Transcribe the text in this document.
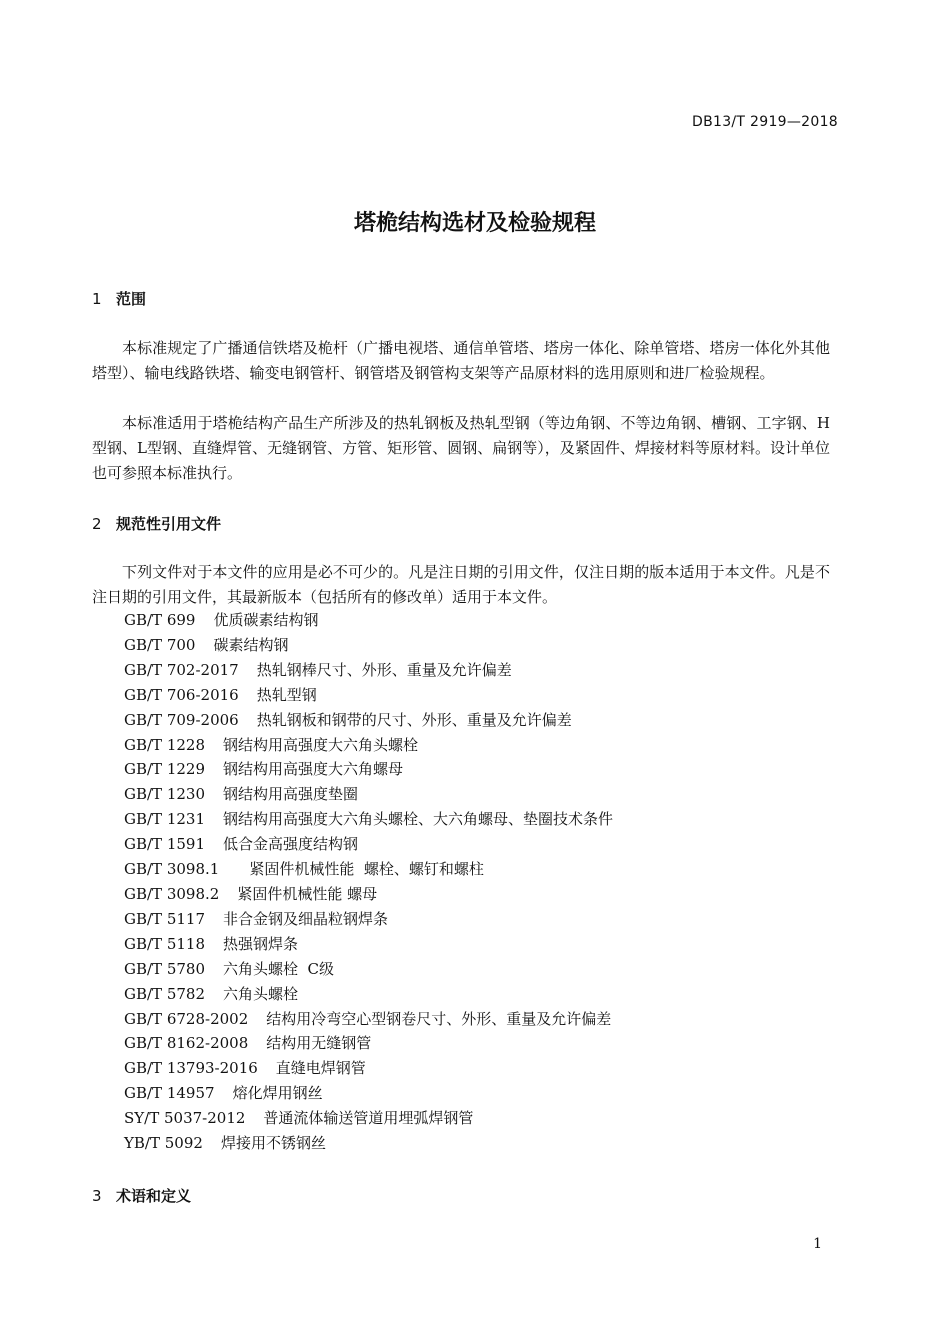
DB13/T 2919—2018
塔桅结构选材及检验规程
1 范围
本标准规定了广播通信铁塔及桅杆（广播电视塔、通信单管塔、塔房一体化、除单管塔、塔房一体化外其他塔型）、输电线路铁塔、输变电钢管杆、钢管塔及钢管构支架等产品原材料的选用原则和进厂检验规程。
本标准适用于塔桅结构产品生产所涉及的热轧钢板及热轧型钢（等边角钢、不等边角钢、槽钢、工字钢、H型钢、L型钢、直缝焊管、无缝钢管、方管、矩形管、圆钢、扁钢等），及紧固件、焊接材料等原材料。设计单位也可参照本标准执行。
2 规范性引用文件
下列文件对于本文件的应用是必不可少的。凡是注日期的引用文件，仅注日期的版本适用于本文件。凡是不注日期的引用文件，其最新版本（包括所有的修改单）适用于本文件。
GB/T 699 优质碳素结构钢
GB/T 700 碳素结构钢
GB/T 702-2017 热轧钢棒尺寸、外形、重量及允许偏差
GB/T 706-2016 热轧型钢
GB/T 709-2006 热轧钢板和钢带的尺寸、外形、重量及允许偏差
GB/T 1228 钢结构用高强度大六角头螺栓
GB/T 1229 钢结构用高强度大六角螺母
GB/T 1230 钢结构用高强度垫圈
GB/T 1231 钢结构用高强度大六角头螺栓、大六角螺母、垫圈技术条件
GB/T 1591 低合金高强度结构钢
GB/T 3098.1 紧固件机械性能  螺栓、螺钉和螺柱
GB/T 3098.2 紧固件机械性能 螺母
GB/T 5117 非合金钢及细晶粒钢焊条
GB/T 5118 热强钢焊条
GB/T 5780 六角头螺栓  C级
GB/T 5782 六角头螺栓
GB/T 6728-2002 结构用冷弯空心型钢卷尺寸、外形、重量及允许偏差
GB/T 8162-2008 结构用无缝钢管
GB/T 13793-2016 直缝电焊钢管
GB/T 14957 熔化焊用钢丝
SY/T 5037-2012 普通流体输送管道用埋弧焊钢管
YB/T 5092 焊接用不锈钢丝
3 术语和定义
1
